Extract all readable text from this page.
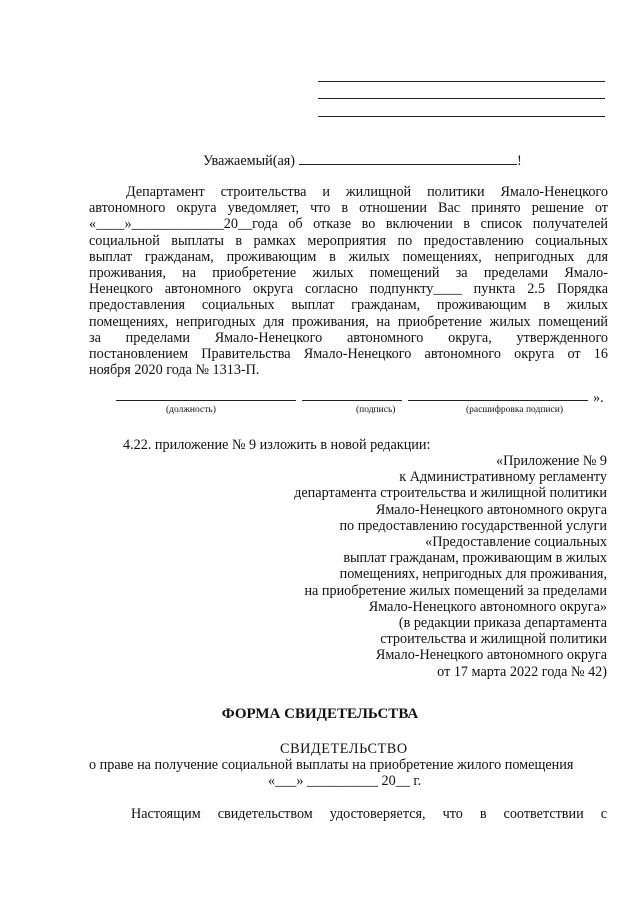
Уважаемый(ая)	!

Департамент строительства и жилищной политики Ямало-Ненецкого

автономного округа уведомляет, что в отношении Вас принято решение от

«____»_____________20__года об отказе во включении в список получателей

социальной выплаты в рамках мероприятия по предоставлению социальных

выплат гражданам, проживающим в жилых помещениях, непригодных для

проживания, на приобретение жилых помещений за пределами Ямало-

Ненецкого автономного округа согласно подпункту____ пункта 2.5 Порядка

предоставления социальных выплат гражданам, проживающим в жилых

помещениях, непригодных для проживания, на приобретение жилых помещений

за пределами Ямало-Ненецкого автономного округа, утвержденного

постановлением Правительства Ямало-Ненецкого автономного округа от 16

ноября 2020 года № 1313-П.

».
(должность)	(подпись)	(расшифровка подписи)
4.22. приложение № 9 изложить в новой редакции:
«Приложение № 9
к Административному регламенту
департамента строительства и жилищной политики
Ямало-Ненецкого автономного округа
по предоставлению государственной услуги
«Предоставление социальных
выплат гражданам, проживающим в жилых
помещениях, непригодных для проживания,
на приобретение жилых помещений за пределами
Ямало-Ненецкого автономного округа»
(в редакции приказа департамента
строительства и жилищной политики
Ямало-Ненецкого автономного округа
от 17 марта 2022 года № 42)
ФОРМА СВИДЕТЕЛЬСТВА
СВИДЕТЕЛЬСТВО
о праве на получение социальной выплаты на приобретение жилого помещения
«___» __________ 20__ г.
Настоящим свидетельством удостоверяется, что в соответствии с
